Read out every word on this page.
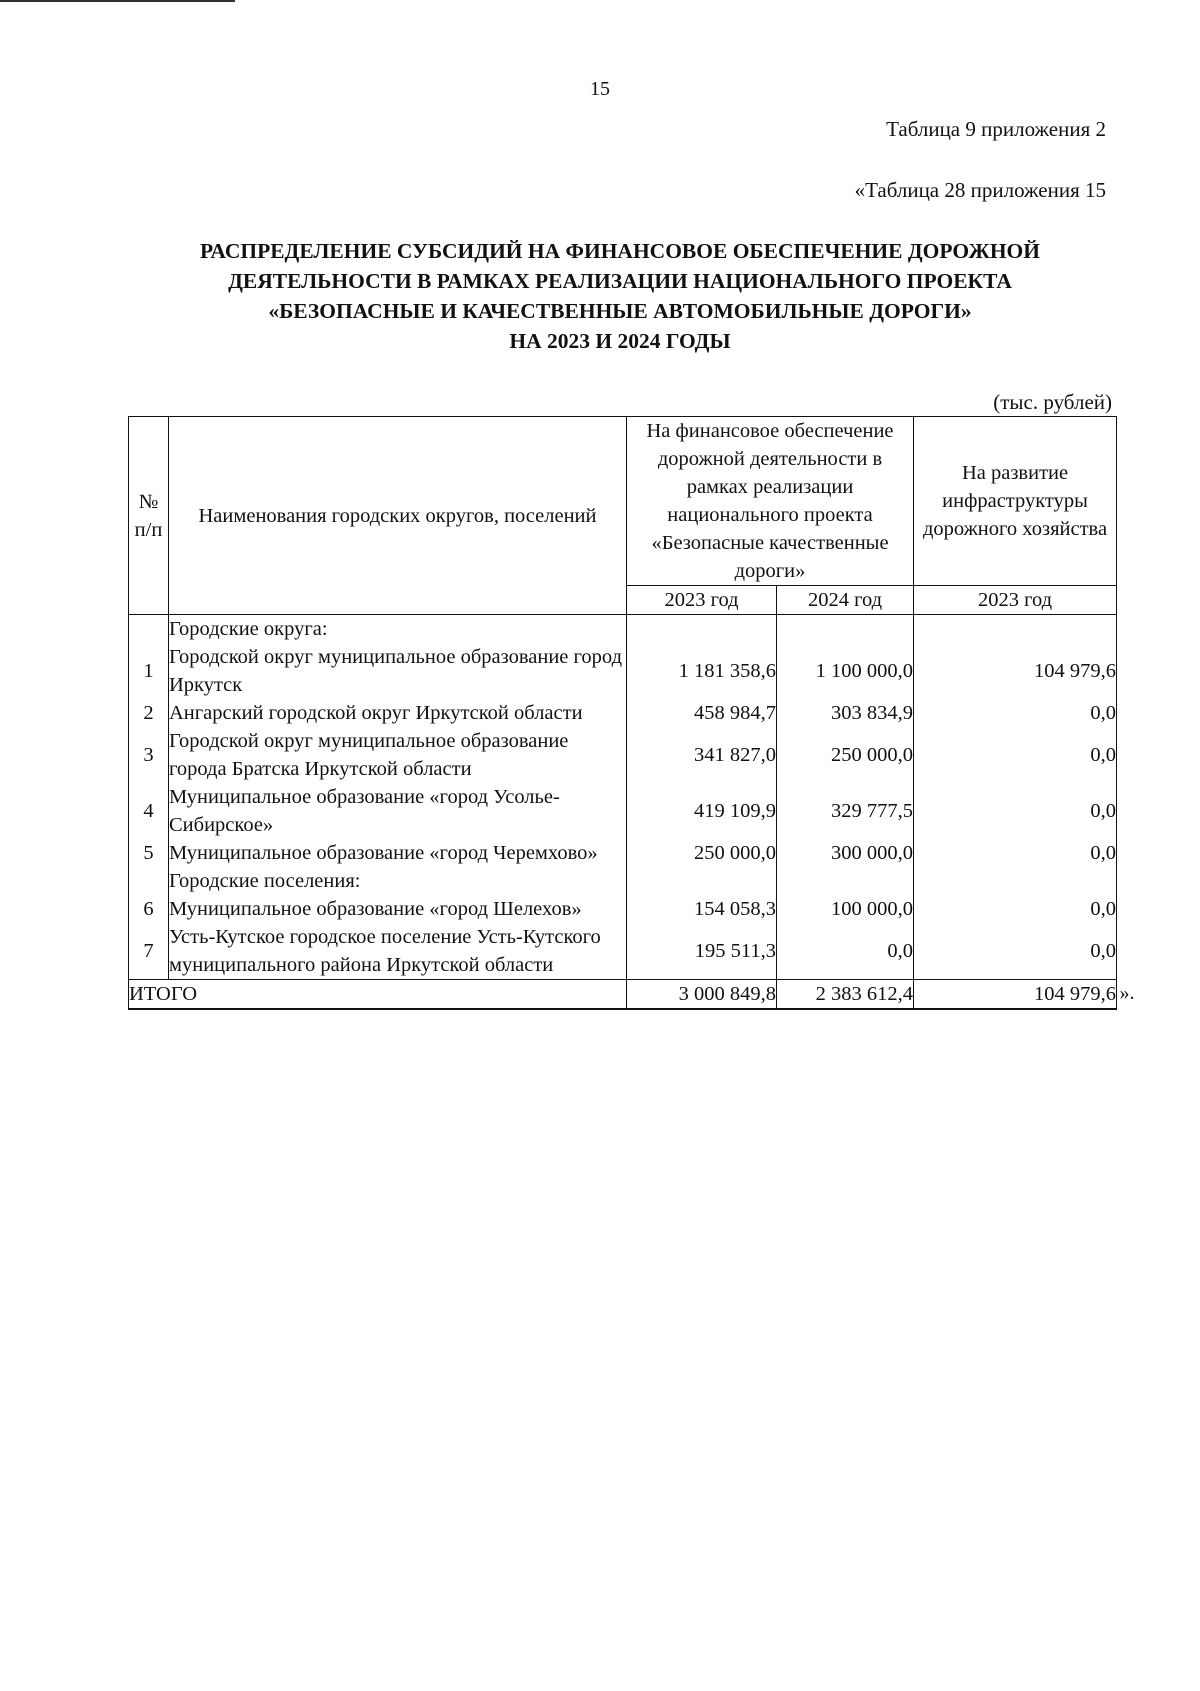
15
Таблица 9 приложения 2
«Таблица 28 приложения 15
РАСПРЕДЕЛЕНИЕ СУБСИДИЙ НА ФИНАНСОВОЕ ОБЕСПЕЧЕНИЕ ДОРОЖНОЙ
ДЕЯТЕЛЬНОСТИ В РАМКАХ РЕАЛИЗАЦИИ НАЦИОНАЛЬНОГО ПРОЕКТА
«БЕЗОПАСНЫЕ И КАЧЕСТВЕННЫЕ АВТОМОБИЛЬНЫЕ ДОРОГИ»
НА 2023 И 2024 ГОДЫ
(тыс. рублей)
№
п/п	Наименования городских округов, поселений	На финансовое обеспечение дорожной деятельности в рамках реализации национального проекта «Безопасные качественные дороги»		На развитие инфраструктуры дорожного хозяйства
		2023 год	2024 год	2023 год
	Городские округа:			
1	Городской округ муниципальное образование город Иркутск	1 181 358,6	1 100 000,0	104 979,6
2	Ангарский городской округ Иркутской области	458 984,7	303 834,9	0,0
3	Городской округ муниципальное образование города Братска Иркутской области	341 827,0	250 000,0	0,0
4	Муниципальное образование «город Усолье-Сибирское»	419 109,9	329 777,5	0,0
5	Муниципальное образование «город Черемхово»	250 000,0	300 000,0	0,0
	Городские поселения:			
6	Муниципальное образование «город Шелехов»	154 058,3	100 000,0	0,0
7	Усть-Кутское городское поселение Усть-Кутского муниципального района Иркутской области	195 511,3	0,0	0,0
ИТОГО		3 000 849,8	2 383 612,4	104 979,6 ».
